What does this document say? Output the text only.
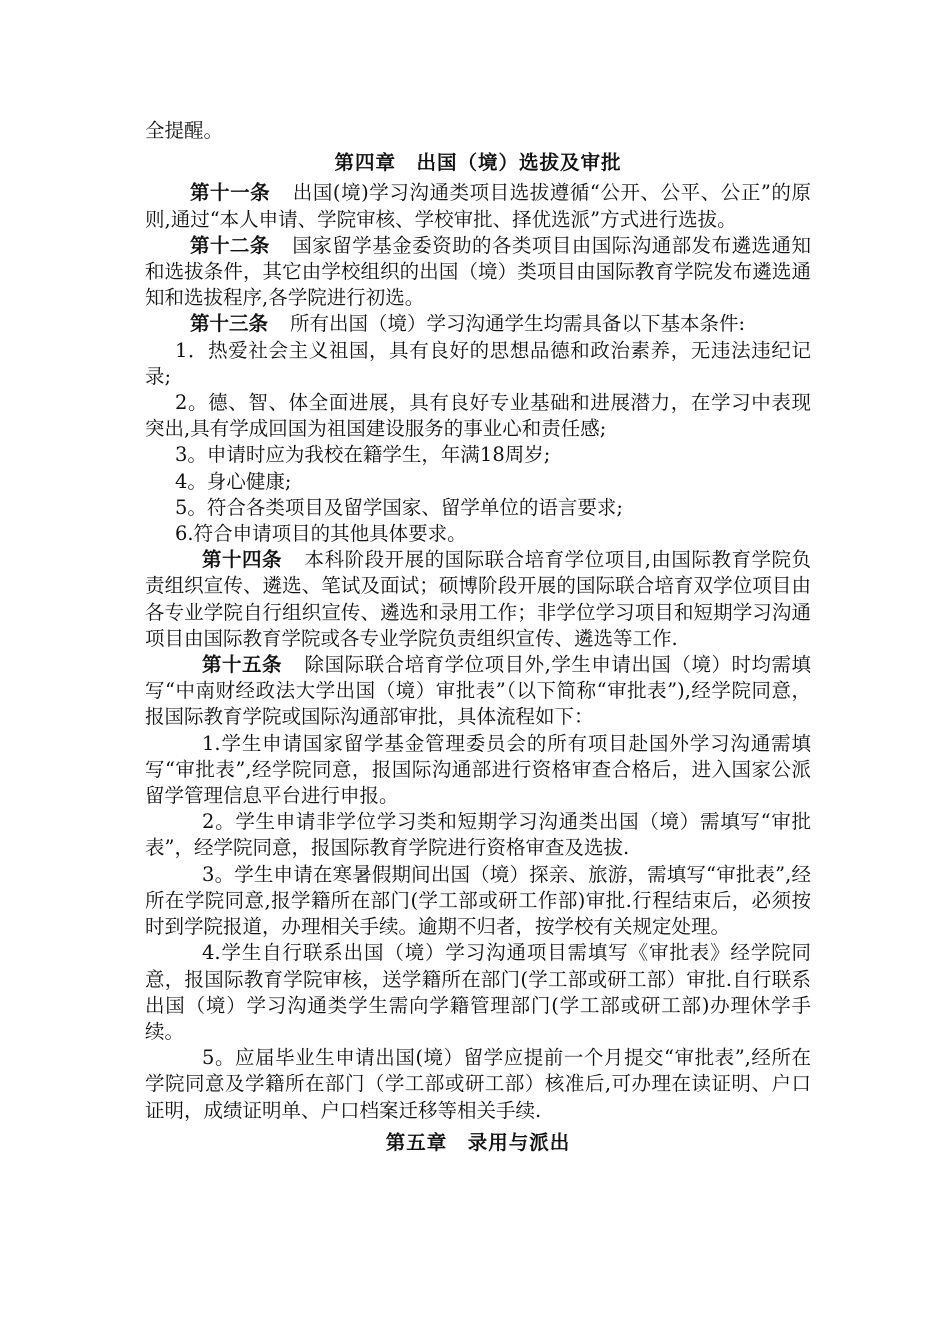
全提醒。

第四章　出国（境）选拔及审批

第十一条 出国(境)学习沟通类项目选拔遵循“公开、公平、公正”的原则,通过“本人申请、学院审核、学校审批、择优选派”方式进行选拔。

第十二条 国家留学基金委资助的各类项目由国际沟通部发布遴选通知和选拔条件，其它由学校组织的出国（境）类项目由国际教育学院发布遴选通知和选拔程序,各学院进行初选。

第十三条 所有出国（境）学习沟通学生均需具备以下基本条件:

1．热爱社会主义祖国，具有良好的思想品德和政治素养，无违法违纪记录;

2。德、智、体全面进展，具有良好专业基础和进展潜力，在学习中表现突出,具有学成回国为祖国建设服务的事业心和责任感;

3。申请时应为我校在籍学生，年满18周岁;

4。身心健康;

5。符合各类项目及留学国家、留学单位的语言要求;

6.符合申请项目的其他具体要求。

第十四条 本科阶段开展的国际联合培育学位项目,由国际教育学院负责组织宣传、遴选、笔试及面试；硕博阶段开展的国际联合培育双学位项目由各专业学院自行组织宣传、遴选和录用工作；非学位学习项目和短期学习沟通项目由国际教育学院或各专业学院负责组织宣传、遴选等工作.

第十五条 除国际联合培育学位项目外,学生申请出国（境）时均需填写“中南财经政法大学出国（境）审批表”（以下简称“审批表”),经学院同意，报国际教育学院或国际沟通部审批，具体流程如下：

1.学生申请国家留学基金管理委员会的所有项目赴国外学习沟通需填写“审批表”,经学院同意，报国际沟通部进行资格审查合格后，进入国家公派留学管理信息平台进行申报。

2。学生申请非学位学习类和短期学习沟通类出国（境）需填写“审批表”，经学院同意，报国际教育学院进行资格审查及选拔.

3。学生申请在寒暑假期间出国（境）探亲、旅游，需填写“审批表”,经所在学院同意,报学籍所在部门(学工部或研工作部)审批.行程结束后，必须按时到学院报道，办理相关手续。逾期不归者，按学校有关规定处理。

4.学生自行联系出国（境）学习沟通项目需填写《审批表》经学院同意，报国际教育学院审核，送学籍所在部门(学工部或研工部）审批.自行联系出国（境）学习沟通类学生需向学籍管理部门(学工部或研工部)办理休学手续。

5。应届毕业生申请出国(境）留学应提前一个月提交“审批表”,经所在学院同意及学籍所在部门（学工部或研工部）核准后,可办理在读证明、户口证明，成绩证明单、户口档案迁移等相关手续.

第五章　录用与派出
